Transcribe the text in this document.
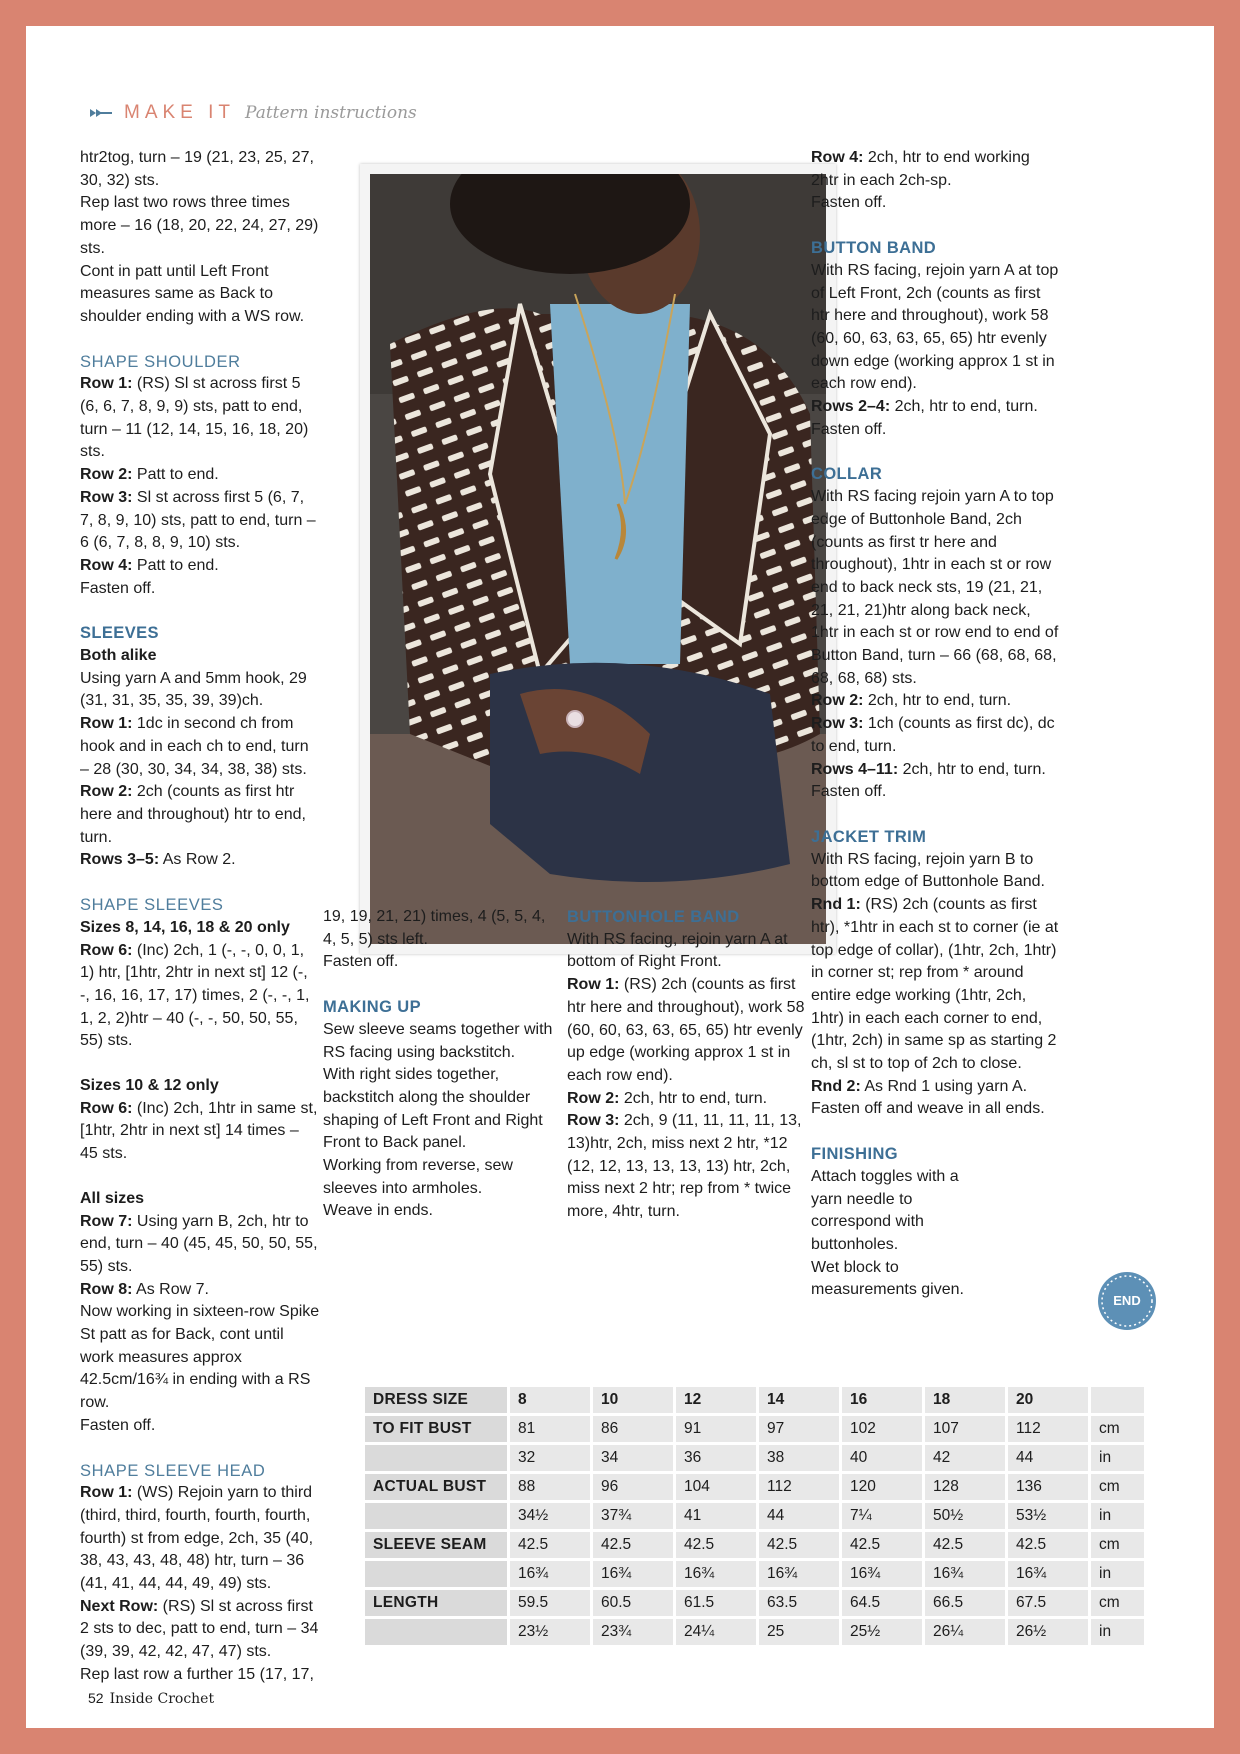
MAKE IT Pattern instructions

htr2tog, turn – 19 (21, 23, 25, 27, 30, 32) sts.

Rep last two rows three times more – 16 (18, 20, 22, 24, 27, 29) sts.

Cont in patt until Left Front measures same as Back to shoulder ending with a WS row.

SHAPE SHOULDER

Row 1: (RS) Sl st across first 5 (6, 6, 7, 8, 9, 9) sts, patt to end, turn – 11 (12, 14, 15, 16, 18, 20) sts.

Row 2: Patt to end.

Row 3: Sl st across first 5 (6, 7, 7, 8, 9, 10) sts, patt to end, turn – 6 (6, 7, 8, 8, 9, 10) sts.

Row 4: Patt to end.

Fasten off.

SLEEVES

Both alike

Using yarn A and 5mm hook, 29 (31, 31, 35, 35, 39, 39)ch.

Row 1: 1dc in second ch from hook and in each ch to end, turn – 28 (30, 30, 34, 34, 38, 38) sts.

Row 2: 2ch (counts as first htr here and throughout) htr to end, turn.

Rows 3–5: As Row 2.

SHAPE SLEEVES

Sizes 8, 14, 16, 18 & 20 only

Row 6: (Inc) 2ch, 1 (-, -, 0, 0, 1, 1) htr, [1htr, 2htr in next st] 12 (-, -, 16, 16, 17, 17) times, 2 (-, -, 1, 1, 2, 2)htr – 40 (-, -, 50, 50, 55, 55) sts.

Sizes 10 & 12 only

Row 6: (Inc) 2ch, 1htr in same st, [1htr, 2htr in next st] 14 times – 45 sts.

All sizes

Row 7: Using yarn B, 2ch, htr to end, turn – 40 (45, 45, 50, 50, 55, 55) sts.

Row 8: As Row 7.

Now working in sixteen-row Spike St patt as for Back, cont until work measures approx 42.5cm/16¾ in ending with a RS row.

Fasten off.

SHAPE SLEEVE HEAD

Row 1: (WS) Rejoin yarn to third (third, third, fourth, fourth, fourth, fourth) st from edge, 2ch, 35 (40, 38, 43, 43, 48, 48) htr, turn – 36 (41, 41, 44, 44, 49, 49) sts.

Next Row: (RS) Sl st across first 2 sts to dec, patt to end, turn – 34 (39, 39, 42, 42, 47, 47) sts.

Rep last row a further 15 (17, 17,

19, 19, 21, 21) times, 4 (5, 5, 4, 4, 5, 5) sts left.

Fasten off.

MAKING UP

Sew sleeve seams together with RS facing using backstitch.

With right sides together, backstitch along the shoulder shaping of Left Front and Right Front to Back panel.

Working from reverse, sew sleeves into armholes.

Weave in ends.

BUTTONHOLE BAND

With RS facing, rejoin yarn A at bottom of Right Front.

Row 1: (RS) 2ch (counts as first htr here and throughout), work 58 (60, 60, 63, 63, 65, 65) htr evenly up edge (working approx 1 st in each row end).

Row 2: 2ch, htr to end, turn.

Row 3: 2ch, 9 (11, 11, 11, 11, 13, 13)htr, 2ch, miss next 2 htr, *12 (12, 12, 13, 13, 13, 13) htr, 2ch, miss next 2 htr; rep from * twice more, 4htr, turn.

Row 4: 2ch, htr to end working 2htr in each 2ch-sp.

Fasten off.

BUTTON BAND

With RS facing, rejoin yarn A at top of Left Front, 2ch (counts as first htr here and throughout), work 58 (60, 60, 63, 63, 65, 65) htr evenly down edge (working approx 1 st in each row end).

Rows 2–4: 2ch, htr to end, turn.

Fasten off.

COLLAR

With RS facing rejoin yarn A to top edge of Buttonhole Band, 2ch (counts as first tr here and throughout), 1htr in each st or row end to back neck sts, 19 (21, 21, 21, 21, 21)htr along back neck, 1htr in each st or row end to end of Button Band, turn – 66 (68, 68, 68, 68, 68, 68) sts.

Row 2: 2ch, htr to end, turn.

Row 3: 1ch (counts as first dc), dc to end, turn.

Rows 4–11: 2ch, htr to end, turn.

Fasten off.

JACKET TRIM

With RS facing, rejoin yarn B to bottom edge of Buttonhole Band.

Rnd 1: (RS) 2ch (counts as first htr), *1htr in each st to corner (ie at top edge of collar), (1htr, 2ch, 1htr) in corner st; rep from * around entire edge working (1htr, 2ch, 1htr) in each each corner to end, (1htr, 2ch) in same sp as starting 2 ch, sl st to top of 2ch to close.

Rnd 2: As Rnd 1 using yarn A.

Fasten off and weave in all ends.

FINISHING

Attach toggles with a yarn needle to correspond with buttonholes.

Wet block to measurements given.

END
DRESS SIZE	8	10	12	14	16	18	20	
TO FIT BUST	81	86	91	97	102	107	112	cm
	32	34	36	38	40	42	44	in
ACTUAL BUST	88	96	104	112	120	128	136	cm
	34½	37¾	41	44	7¼	50½	53½	in
SLEEVE SEAM	42.5	42.5	42.5	42.5	42.5	42.5	42.5	cm
	16¾	16¾	16¾	16¾	16¾	16¾	16¾	in
LENGTH	59.5	60.5	61.5	63.5	64.5	66.5	67.5	cm
	23½	23¾	24¼	25	25½	26¼	26½	in
52 Inside Crochet
